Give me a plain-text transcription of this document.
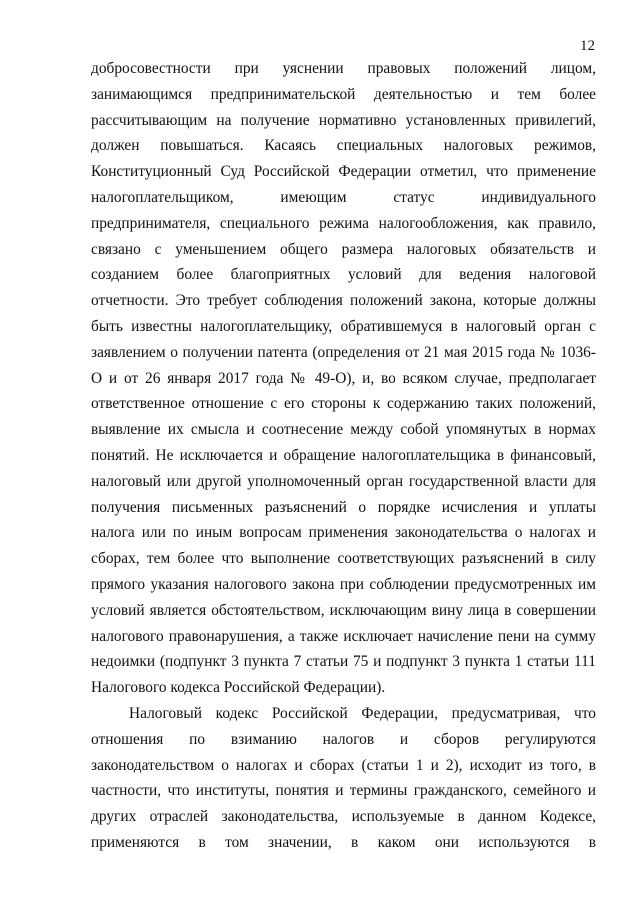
12
добросовестности при уяснении правовых положений лицом,
занимающимся предпринимательской деятельностью и тем более
рассчитывающим на получение нормативно установленных привилегий,
должен повышаться. Касаясь специальных налоговых режимов,
Конституционный Суд Российской Федерации отметил, что применение
налогоплательщиком, имеющим статус индивидуального
предпринимателя, специального режима налогообложения, как правило,
связано с уменьшением общего размера налоговых обязательств и
созданием более благоприятных условий для ведения налоговой
отчетности. Это требует соблюдения положений закона, которые должны
быть известны налогоплательщику, обратившемуся в налоговый орган с
заявлением о получении патента (определения от 21 мая 2015 года № 1036-
О и от 26 января 2017 года № 49-О), и, во всяком случае, предполагает
ответственное отношение с его стороны к содержанию таких положений,
выявление их смысла и соотнесение между собой упомянутых в нормах
понятий. Не исключается и обращение налогоплательщика в финансовый,
налоговый или другой уполномоченный орган государственной власти для
получения письменных разъяснений о порядке исчисления и уплаты
налога или по иным вопросам применения законодательства о налогах и
сборах, тем более что выполнение соответствующих разъяснений в силу
прямого указания налогового закона при соблюдении предусмотренных им
условий является обстоятельством, исключающим вину лица в совершении
налогового правонарушения, а также исключает начисление пени на сумму
недоимки (подпункт 3 пункта 7 статьи 75 и подпункт 3 пункта 1 статьи 111
Налогового кодекса Российской Федерации).
Налоговый кодекс Российской Федерации, предусматривая, что
отношения по взиманию налогов и сборов регулируются
законодательством о налогах и сборах (статьи 1 и 2), исходит из того, в
частности, что институты, понятия и термины гражданского, семейного и
других отраслей законодательства, используемые в данном Кодексе,
применяются в том значении, в каком они используются в
